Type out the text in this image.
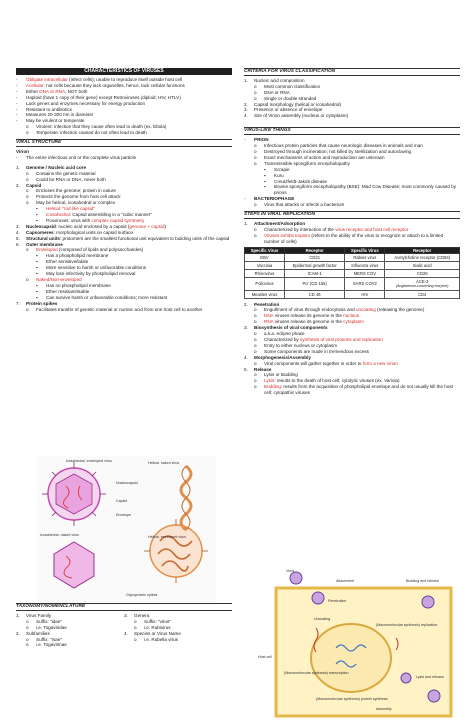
CHARACTERISTICS OF VIRUSES
-	Obligate intracellular (infect cells); unable to reproduce itself outside host cell
-	Acellular: not cells because they lack organelles, hence, lack cellular functions
-	Either DNA or RNA, NOT both
-	Haploid (have 1 copy of their gene) except Retroviruses (diploid; HIV, HTLV)
-	Lack genes and enzymes necessary for energy production
-	Resistant to antibiotics
-	Measures 20-300 nm in diameter
-	May be virulent or temperate
o	Virulent: infection that they cause often lead to death (ex. Ebola)
o	Temperate: infection caused do not often lead to death
VIRAL STRUCTURE
Virion
-	The entire infectious unit or the complete virus particle
1.	Genome / Nucleic acid core
o	Contains the genetic material
o	Could be RNA or DNA, never both
2.	Capsid
o	Encloses the genome; protein in nature
o	Protects the genome from host cell attack
o	May be helical, icosahedral or complex
▪	Helical: "rod like capsid"
▪	Icosahedral: Capsid assembling in a "cubic manner"
▪	Poxviruses: virus with complex capsid symmetry
3.	Nucleocapsid: nucleic acid enclosed by a capsid (genome + capsid)
4.	Capsomeres: morphological units on capsid surface
5.	Structural units: protomers are the smallest functional unit equivalent to building units of the capsid
6.	Outer membrane
o	Enveloped (composed of lipids and polysaccharides)
▪	Has a phospholipid membrane
▪	Ether sensitive/labile
▪	More sensitive to harsh or unfavorable conditions
▪	May lose infectivity by phospholipid removal
o	Naked/Non-enveloped
▪	Has no phospholipid membrane
▪	Ether resistant/stable
▪	Can survive harsh or unfavorable conditions; more resistant
7.	Protein spikes
o	Facilitates transfer of genetic material or nucleic acid from one host cell to another
Icosahedral, enveloped virus
Nucleocapsid
Capsid
Envelope
Icosahedral, naked virus	Helical, enveloped virus
Helical, naked virus
Glycoprotein spikes
TAXONOMY/NOMENCLATURE
1.	Virus Family
o	Suffix: "idae"
o	i.e. Togaviridae
2.	Subfamilies
o	Suffix: "inae"
o	i.e. Togavirinae
3.	Genera
o	Suffix: "virus"
o	i.e. Rubivirus
4.	Species or Virus Name
o	i.e. Rubella virus
CRITERIA FOR VIRUS CLASSIFICATION
1.	Nucleic acid composition
o	Most common classification
o	DNA or RNA
o	Single or double stranded
2.	Capsid morphology (helical or icosahedral)
3.	Presence or absence of envelope
4.	Site of Virion assembly (nucleus or cytoplasm)
VIRUS-LIKE THINGS
-	PRION
o	Infectious protein particles that cause neurologic diseases in animals and man
o	Destroyed through incineration; not killed by sterilization and autoclaving
o	Exact mechanisms of action and reproduction are unknown
o	Transmissible spongiform encephalopathy
▪	Scrapie
▪	Kuru
▪	Creutzfeldt-Jakob disease
▪	Bovine spongiform encephalopathy (BSE): Mad Cow Disease; most commonly caused by prions
-	BACTERIOPHAGE
o	Virus that attacks or infects a bacterium
STEPS IN VIRAL REPLICATION
1.	Attachment/Adsorption
o	Characterized by interaction of the virus receptor and host cell receptor
o	Viruses exhibit tropism (refers to the ability of the virus to recognize or attach to a limited number of cells)
Specific Virus	Receptor	Specific Virus	Receptor
EBV	CD21	Rabies virus	Acetylcholine receptor (CD56)
Vaccinia	Epidermal growth factor	Influenza virus	Sialic acid
Rhinovirus	ICAM-1	MERS COV	CD26
Poliovirus	Pcr (CD 155)	SARS COV2	ACE-2
(Angiotensin-converting enzyme)

Measles virus	CD 46	HIV	CD4
2.	Penetration
o	Engulfment of virus through endocytosis and uncoating (releasing the genome)
o	DNA viruses release its genome in the nucleus
o	RNA viruses release its genome in the cytoplasm
3.	Biosynthesis of viral components
o	a.k.a. eclipse phase
o	Characterized by synthesis of viral proteins and replication
o	Entry to either nucleus or cytoplasm
o	Some components are made in tremendous excess
4.	Morphogenesis/Assembly
o	Viral components will gather together in order to form a new virion
5.	Release
o	Lysis or Budding
o	Lysis: results to the death of host cell; cytolytic viruses (ex. Variola)
o	Budding: results from the acquisition of phospholipid envelope and do not usually kill the host cell; cytopathic viruses
Virus
Attachment
Penetration
Budding and release
Uncoating
(Macromolecular synthesis) replication
Host cell
(Macromolecular synthesis) transcription
(Macromolecular synthesis) protein synthesis
Assembly
Lysis and release
